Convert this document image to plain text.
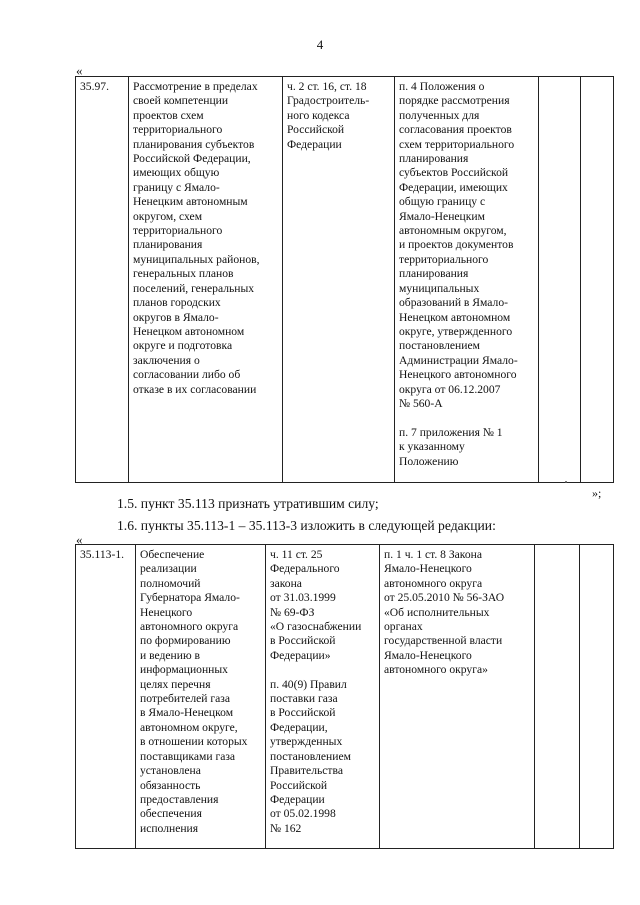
4
«
35.97.	Рассмотрение в пределах
своей компетенции
проектов схем
территориального
планирования субъектов
Российской Федерации,
имеющих общую
границу с Ямало-
Ненецким автономным
округом, схем
территориального
планирования
муниципальных районов,
генеральных планов
поселений, генеральных
планов городских
округов в Ямало-
Ненецком автономном
округе и подготовка
заключения о
согласовании либо об
отказе в их согласовании	ч. 2 ст. 16, ст. 18
Градостроитель-
ного кодекса
Российской
Федерации	п. 4 Положения о
порядке рассмотрения
полученных для
согласования проектов
схем территориального
планирования
субъектов Российской
Федерации, имеющих
общую границу с
Ямало-Ненецким
автономным округом,
и проектов документов
территориального
планирования
муниципальных
образований в Ямало-
Ненецком автономном
округе, утвержденного
постановлением
Администрации Ямало-
Ненецкого автономного
округа от 06.12.2007
№ 560-А

п. 7 приложения № 1
к указанному
Положению		
»;
1.5. пункт 35.113 признать утратившим силу;
1.6. пункты 35.113-1 – 35.113-3 изложить в следующей редакции:
«
35.113-1.	Обеспечение
реализации
полномочий
Губернатора Ямало-
Ненецкого
автономного округа
по формированию
и ведению в
информационных
целях перечня
потребителей газа
в Ямало-Ненецком
автономном округе,
в отношении которых
поставщиками газа
установлена
обязанность
предоставления
обеспечения
исполнения	ч. 11 ст. 25
Федерального
закона
от 31.03.1999
№ 69-ФЗ
«О газоснабжении
в Российской
Федерации»

п. 40(9) Правил
поставки газа
в Российской
Федерации,
утвержденных
постановлением
Правительства
Российской
Федерации
от 05.02.1998
№ 162	п. 1 ч. 1 ст. 8 Закона
Ямало-Ненецкого
автономного округа
от 25.05.2010 № 56-ЗАО
«Об исполнительных
органах
государственной власти
Ямало-Ненецкого
автономного округа»		
